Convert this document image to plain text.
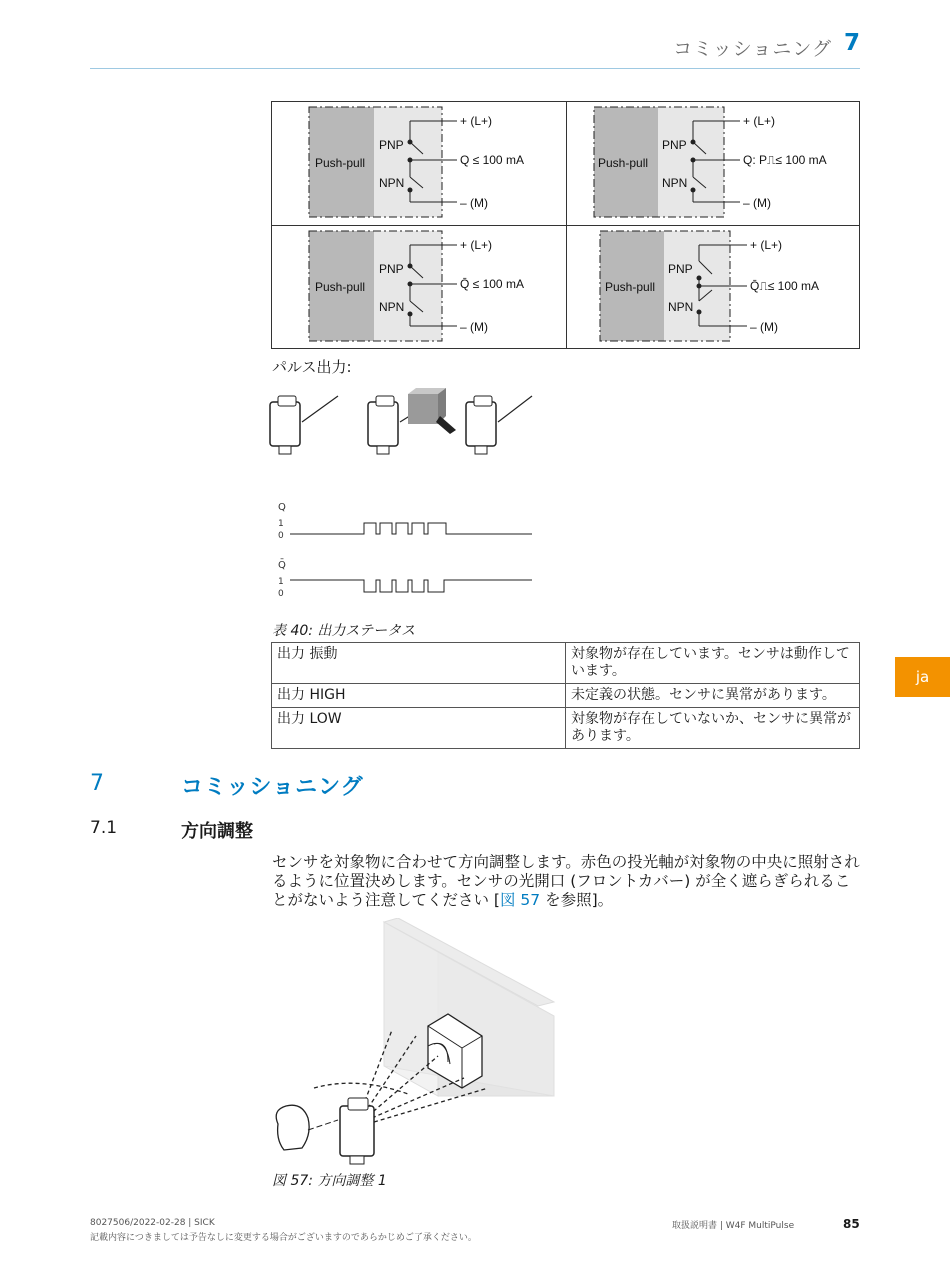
コミッショニング 7
Push-pull
PNP
NPN
+ (L+)
Q ≤ 100 mA
– (M)
Push-pull
PNP
NPN
+ (L+)
Q: P⎍≤ 100 mA
– (M)
Push-pull
PNP
NPN
+ (L+)
Q̄ ≤ 100 mA
– (M)
Push-pull
PNP
NPN
+ (L+)
Q̄⎍≤ 100 mA
– (M)
パルス出力:
Q
1
0
Q̄
1
0
表 40: 出力ステータス
出力 振動	対象物が存在しています。センサは動作しています。
出力 HIGH	未定義の状態。センサに異常があります。
出力 LOW	対象物が存在していないか、センサに異常があります。
ja
7	コミッショニング
7.1	方向調整
センサを対象物に合わせて方向調整します。赤色の投光軸が対象物の中央に照射されるように位置決めします。センサの光開口 (フロントカバー) が全く遮らぎられることがないよう注意してください [図 57 を参照]。
図 57: 方向調整 1
8027506/2022-02-28 | SICK
記載内容につきましては予告なしに変更する場合がございますのであらかじめご了承ください。
取扱説明書 | W4F MultiPulse	85
